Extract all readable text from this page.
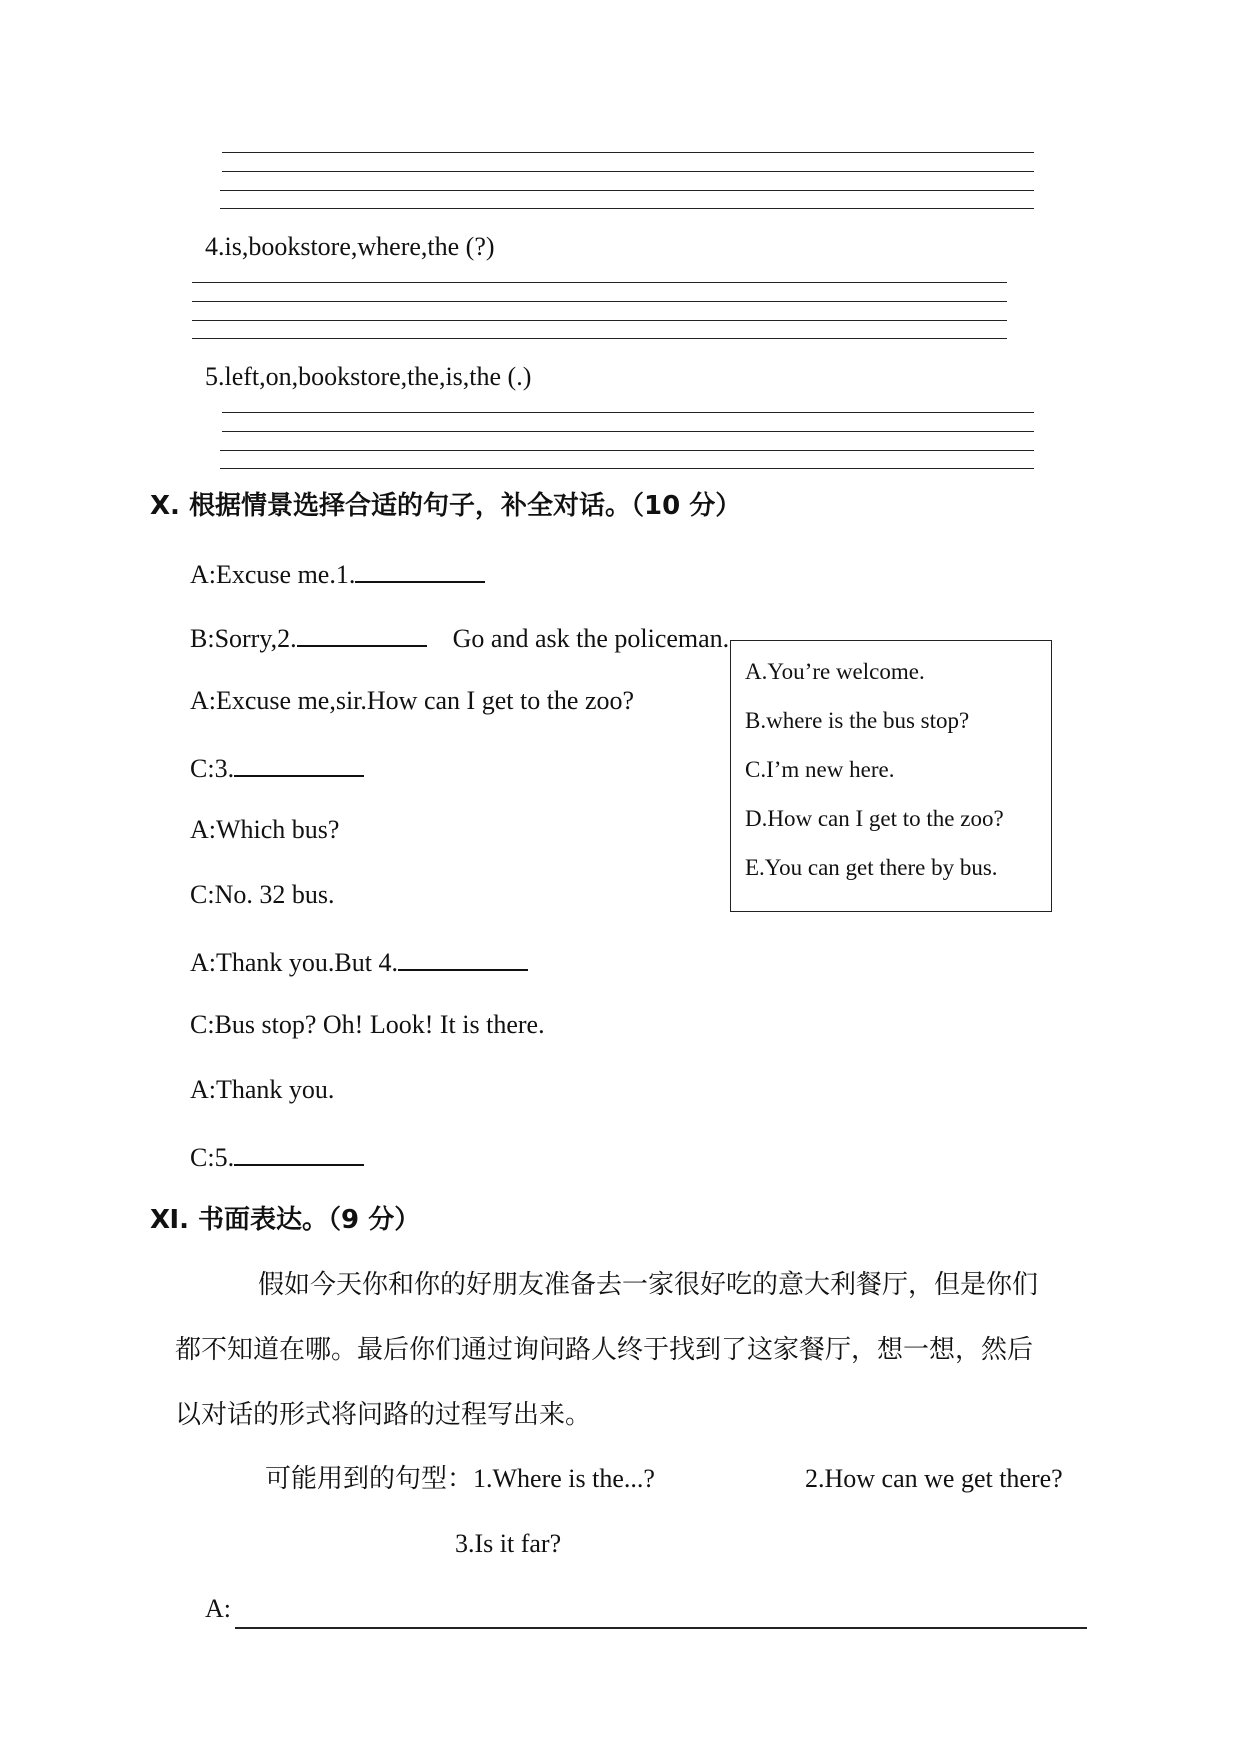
4.is,bookstore,where,the (?)
5.left,on,bookstore,the,is,the (.)
Ⅹ. 根据情景选择合适的句子，补全对话。（10 分）
A:Excuse me.1.
B:Sorry,2.	Go and ask the policeman.
A:Excuse me,sir.How can I get to the zoo?
C:3.
A:Which bus?
C:No. 32 bus.
A:Thank you.But 4.
C:Bus stop? Oh! Look! It is there.
A:Thank you.
C:5.
A.You’re welcome.
B.where is the bus stop?
C.I’m new here.
D.How can I get to the zoo?
E.You can get there by bus.
Ⅺ. 书面表达。（9 分）
假如今天你和你的好朋友准备去一家很好吃的意大利餐厅，但是你们
都不知道在哪。最后你们通过询问路人终于找到了这家餐厅，想一想，然后
以对话的形式将问路的过程写出来。
可能用到的句型：1.Where is the...?	2.How can we get there?
3.Is it far?
A:
